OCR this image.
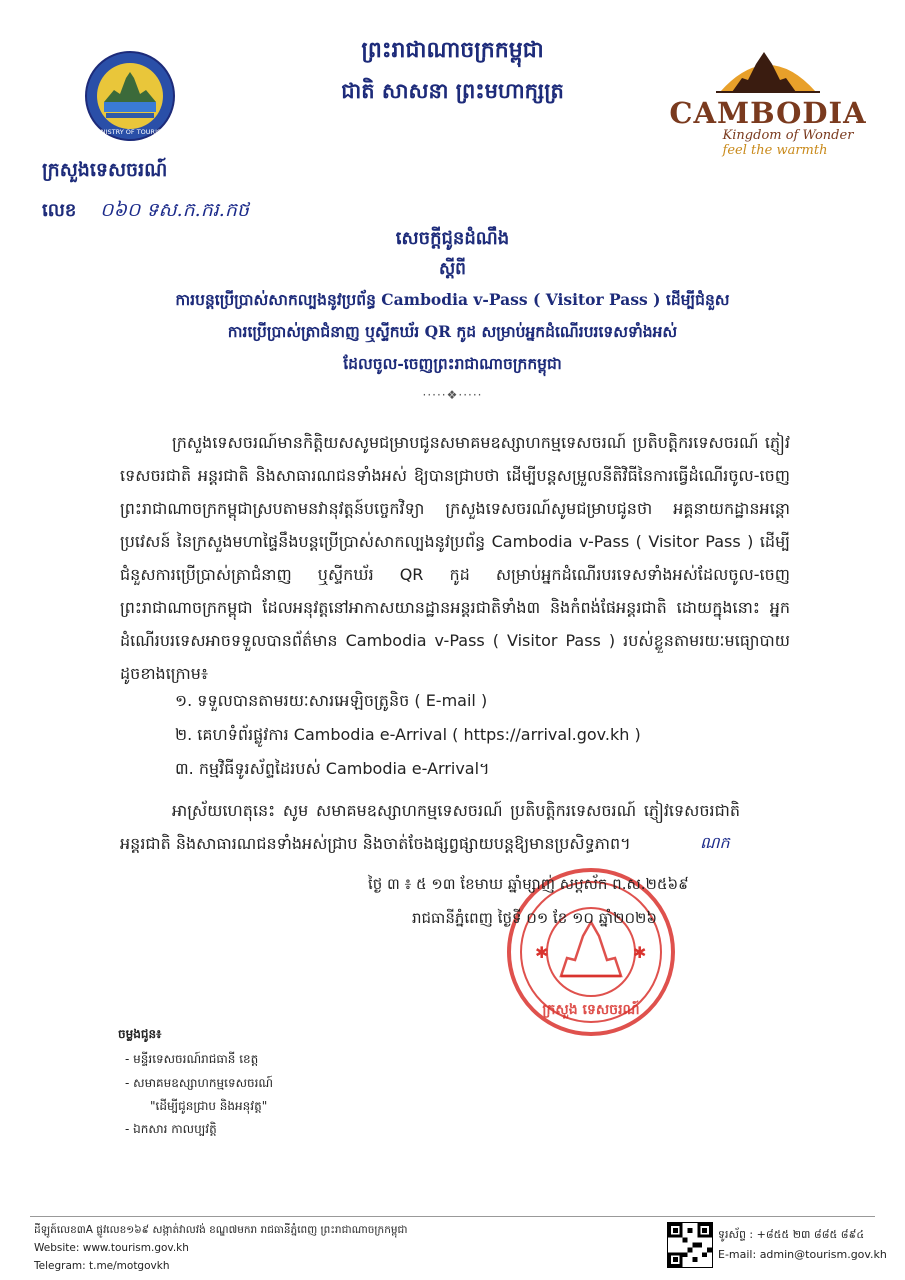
MINISTRY OF TOURISM
ព្រះរាជាណាចក្រកម្ពុជា
ជាតិ សាសនា ព្រះមហាក្សត្រ
CAMBODIA
Kingdom of Wonder
feel the warmth
ក្រសួងទេសចរណ៍
លេខ ០៦០ ទស.ក.ករ.កថ
សេចក្តីជូនដំណឹង
ស្តីពី
ការបន្តប្រើប្រាស់សាកល្បងនូវប្រព័ន្ធ Cambodia v-Pass ( Visitor Pass ) ដើម្បីជំនួស
ការប្រើប្រាស់ត្រាជំនាញ ឬស្ទីកឃ័រ QR កូដ សម្រាប់អ្នកដំណើរបរទេសទាំងអស់
ដែលចូល-ចេញព្រះរាជាណាចក្រកម្ពុជា
·····❖·····
ក្រសួងទេសចរណ៍មានកិត្តិយសសូមជម្រាបជូនសមាគមឧស្សាហកម្មទេសចរណ៍ ប្រតិបត្តិករទេសចរណ៍ ភ្ញៀវទេសចរជាតិ អន្តរជាតិ និងសាធារណជនទាំងអស់ ឱ្យបានជ្រាបថា ដើម្បីបន្តសម្រួលនីតិវិធីនៃការធ្វើដំណើរចូល-ចេញព្រះរាជាណាចក្រកម្ពុជាស្របតាមនវានុវត្តន៍បច្ចេកវិទ្យា ក្រសួងទេសចរណ៍សូមជម្រាបជូនថា អគ្គនាយកដ្ឋានអន្តោប្រវេសន៍ នៃក្រសួងមហាផ្ទៃនឹងបន្តប្រើប្រាស់សាកល្បងនូវប្រព័ន្ធ Cambodia v-Pass ( Visitor Pass ) ដើម្បីជំនួសការប្រើប្រាស់ត្រាជំនាញ ឬស្ទីកឃ័រ QR កូដ សម្រាប់អ្នកដំណើរបរទេសទាំងអស់ដែលចូល-ចេញព្រះរាជាណាចក្រកម្ពុជា ដែលអនុវត្តនៅអាកាសយានដ្ឋានអន្តរជាតិទាំង៣ និងកំពង់ផែអន្តរជាតិ ដោយក្នុងនោះ អ្នកដំណើរបរទេសអាចទទួលបានព័ត៌មាន Cambodia v-Pass ( Visitor Pass ) របស់ខ្លួនតាមរយៈមធ្យោបាយ ដូចខាងក្រោម៖
១. ទទួលបានតាមរយៈសារអេឡិចត្រូនិច ( E-mail )
២. គេហទំព័រផ្លូវការ Cambodia e-Arrival ( https://arrival.gov.kh )
៣. កម្មវិធីទូរស័ព្ទដៃរបស់ Cambodia e-Arrival។
អាស្រ័យហេតុនេះ សូម សមាគមឧស្សាហកម្មទេសចរណ៍ ប្រតិបត្តិករទេសចរណ៍ ភ្ញៀវទេសចរជាតិ អន្តរជាតិ និងសាធារណជនទាំងអស់ជ្រាប និងចាត់ចែងផ្សព្វផ្សាយបន្តឱ្យមានប្រសិទ្ធភាព។	ណក
✱	✱
ក្រសួង ទេសចរណ៍
ថ្ងៃ ៣ ៖ ៥ ១៣ ខែមាឃ ឆ្នាំម្សាញ់ សប្តស័ក ព.ស.២៥៦៩
រាជធានីភ្នំពេញ ថ្ងៃទី ០១ ខែ ១០ ឆ្នាំ២០២៦
ចម្លងជូន៖
- មន្ទីរទេសចរណ៍រាជធានី ខេត្ត
- សមាគមឧស្សាហកម្មទេសចរណ៍
"ដើម្បីជូនជ្រាប និងអនុវត្ត"
- ឯកសារ កាលប្បវត្តិ
ដីឡូត៍លេខ៣A ផ្លូវលេខ១៦៩ សង្កាត់វាលវង់ ខណ្ឌ៧មករា រាជធានីភ្នំពេញ ព្រះរាជាណាចក្រកម្ពុជា
Website: www.tourism.gov.kh
Telegram: t.me/motgovkh
ទូរស័ព្ទ : +៨៥៥ ២៣ ៨៨៥ ៨៩៤
E-mail: admin@tourism.gov.kh
